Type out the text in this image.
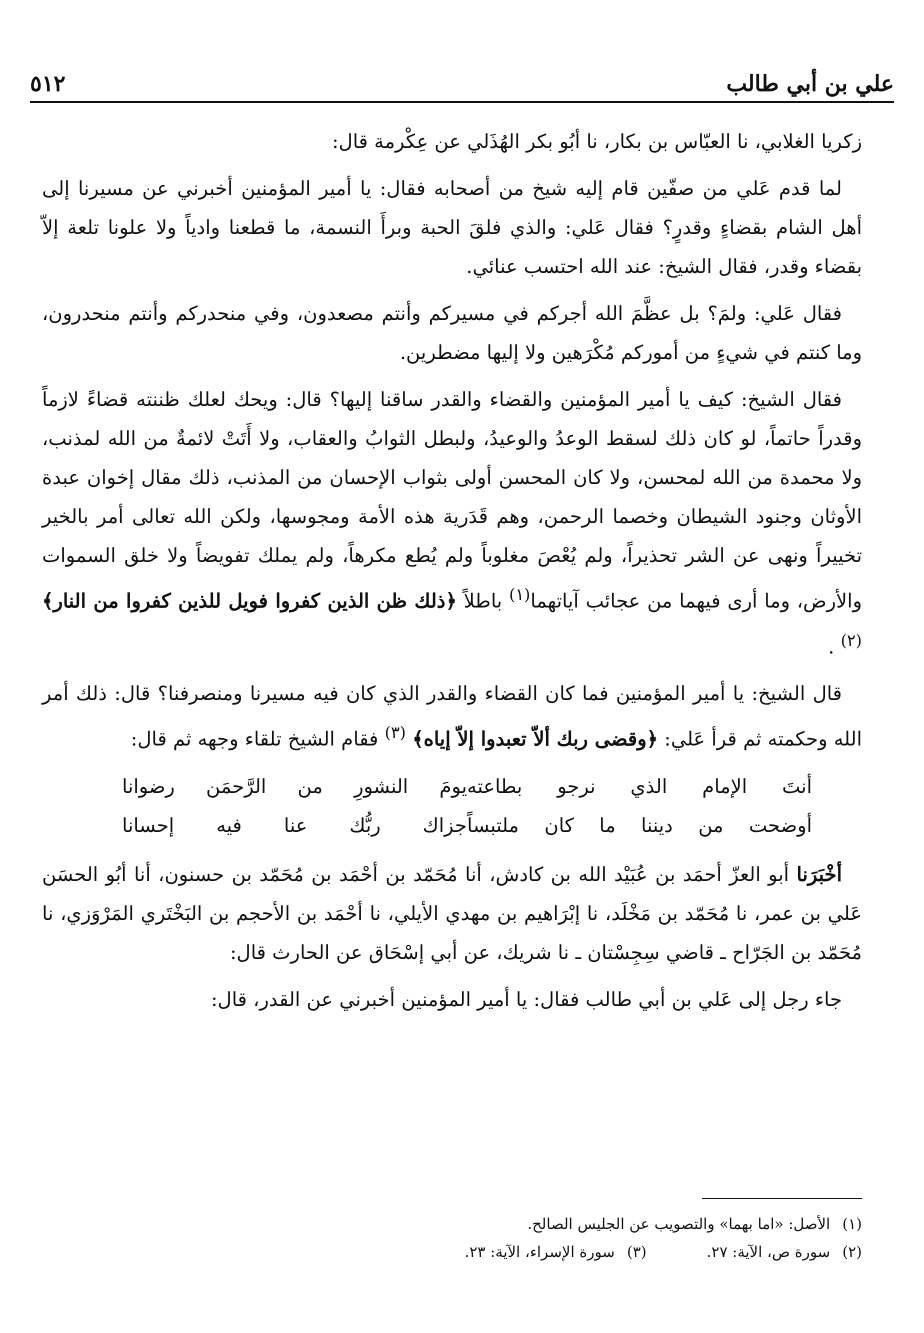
علي بن أبي طالب
٥١٢

زكريا الغلابي، نا العبّاس بن بكار، نا أبُو بكر الهُذَلي عن عِكْرمة قال:

لما قدم عَلي من صفّين قام إليه شيخ من أصحابه فقال: يا أمير المؤمنين أخبرني عن مسيرنا إلى أهل الشام بقضاءٍ وقدرٍ؟ فقال عَلي: والذي فلقَ الحبة وبرأَ النسمة، ما قطعنا وادياً ولا علونا تلعة إلاّ بقضاء وقدر، فقال الشيخ: عند الله احتسب عنائي.

فقال عَلي: ولمَ؟ بل عظَّمَ الله أجركم في مسيركم وأنتم مصعدون، وفي منحدركم وأنتم منحدرون، وما كنتم في شيءٍ من أموركم مُكْرَهين ولا إليها مضطرين.

فقال الشيخ: كيف يا أمير المؤمنين والقضاء والقدر ساقنا إليها؟ قال: ويحك لعلك ظننته قضاءً لازماً وقدراً حاتماً، لو كان ذلك لسقط الوعدُ والوعيدُ، ولبطل الثوابُ والعقاب، ولا أَتَتْ لائمةٌ من الله لمذنب، ولا محمدة من الله لمحسن، ولا كان المحسن أولى بثواب الإحسان من المذنب، ذلك مقال إخوان عبدة الأوثان وجنود الشيطان وخصما الرحمن، وهم قَدَرية هذه الأمة ومجوسها، ولكن الله تعالى أمر بالخير تخييراً ونهى عن الشر تحذيراً، ولم يُعْصَ مغلوباً ولم يُطع مكرهاً، ولم يملك تفويضاً ولا خلق السموات والأرض، وما أرى فيهما من عجائب آياتهما$^{(١)}$ باطلاً ﴿ذلك ظن الذين كفروا فويل للذين كفروا من النار﴾ $^{(٢)}$ .

قال الشيخ: يا أمير المؤمنين فما كان القضاء والقدر الذي كان فيه مسيرنا ومنصرفنا؟ قال: ذلك أمر الله وحكمته ثم قرأ عَلي: ﴿وقضى ربك ألاّ تعبدوا إلاّ إياه﴾ $^{(٣)}$ فقام الشيخ تلقاء وجهه ثم قال:

أنتَ الإمام الذي نرجو بطاعته
يومَ النشورِ من الرَّحمَن رضوانا
أوضحت من ديننا ما كان ملتبساً
جزاك ربُّك عنا فيه إحسانا

أخْبَرَنا أبو العزّ أحمَد بن عُبَيْد الله بن كادش، أنا مُحَمّد بن أحْمَد بن مُحَمّد بن حسنون، أنا أبُو الحسَن عَلي بن عمر، نا مُحَمّد بن مَخْلَد، نا إبْرَاهيم بن مهدي الأيلي، نا أحْمَد بن الأحجم بن البَخْتَري المَرْوَزي، نا مُحَمّد بن الجَرّاح ـ قاضي سِجِسْتان ـ نا شريك، عن أبي إسْحَاق عن الحارث قال:

جاء رجل إلى عَلي بن أبي طالب فقال: يا أمير المؤمنين أخبرني عن القدر، قال:

(١)
الأصل: «اما بهما» والتصويب عن الجليس الصالح.
(٢)
سورة ص، الآية: ٢٧.
(٣)
سورة الإسراء، الآية: ٢٣.
